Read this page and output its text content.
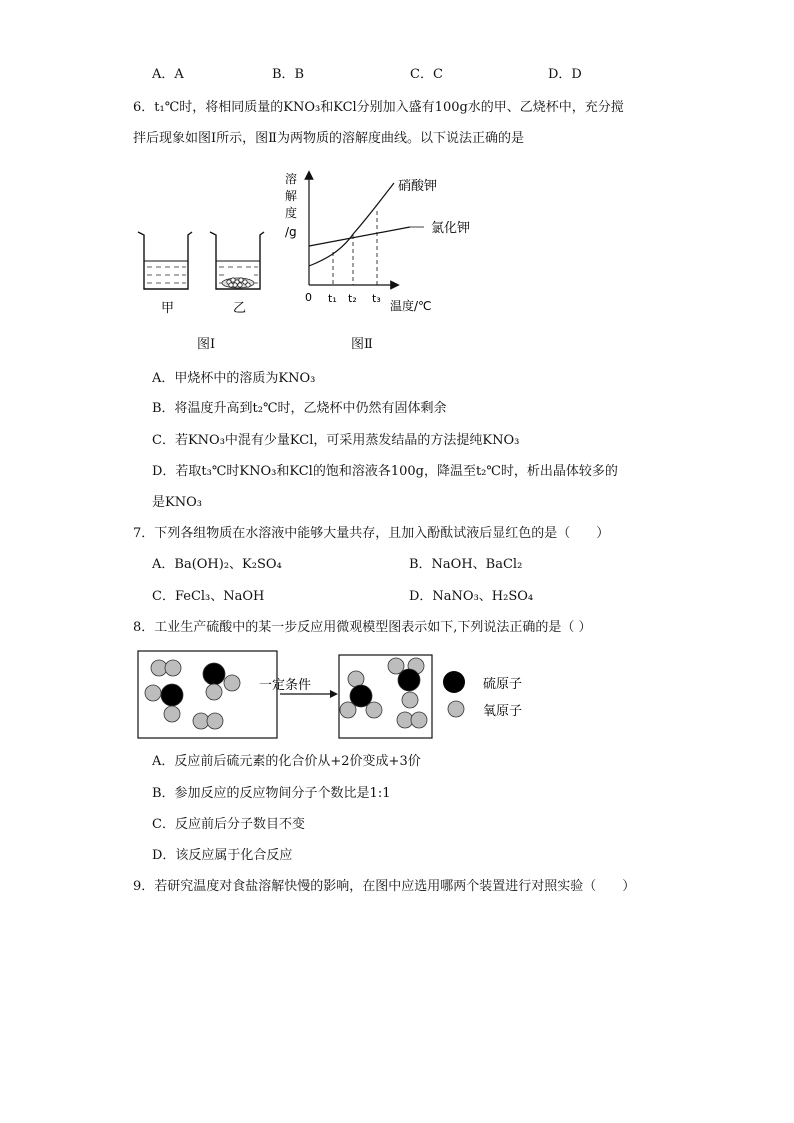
A．A	B．B	C．C	D．D
6．t₁℃时，将相同质量的KNO₃和KCl分别加入盛有100g水的甲、乙烧杯中，充分搅
拌后现象如图Ⅰ所示，图Ⅱ为两物质的溶解度曲线。以下说法正确的是
甲	乙
图Ⅰ
溶
解
度
/g
0 t₁ t₂ t₃
温度/℃
硝酸钾
氯化钾
图Ⅱ
A．甲烧杯中的溶质为KNO₃
B．将温度升高到t₂℃时，乙烧杯中仍然有固体剩余
C．若KNO₃中混有少量KCl，可采用蒸发结晶的方法提纯KNO₃
D．若取t₃℃时KNO₃和KCl的饱和溶液各100g，降温至t₂℃时，析出晶体较多的
是KNO₃
7．下列各组物质在水溶液中能够大量共存，且加入酚酞试液后显红色的是（　　）
A．Ba(OH)₂、K₂SO₄	B．NaOH、BaCl₂
C．FeCl₃、NaOH	D．NaNO₃、H₂SO₄
8．工业生产硫酸中的某一步反应用微观模型图表示如下,下列说法正确的是（ ）
一定条件	硫原子
氧原子
A．反应前后硫元素的化合价从+2价变成+3价
B．参加反应的反应物间分子个数比是1:1
C．反应前后分子数目不变
D．该反应属于化合反应
9．若研究温度对食盐溶解快慢的影响，在图中应选用哪两个装置进行对照实验（　　）
